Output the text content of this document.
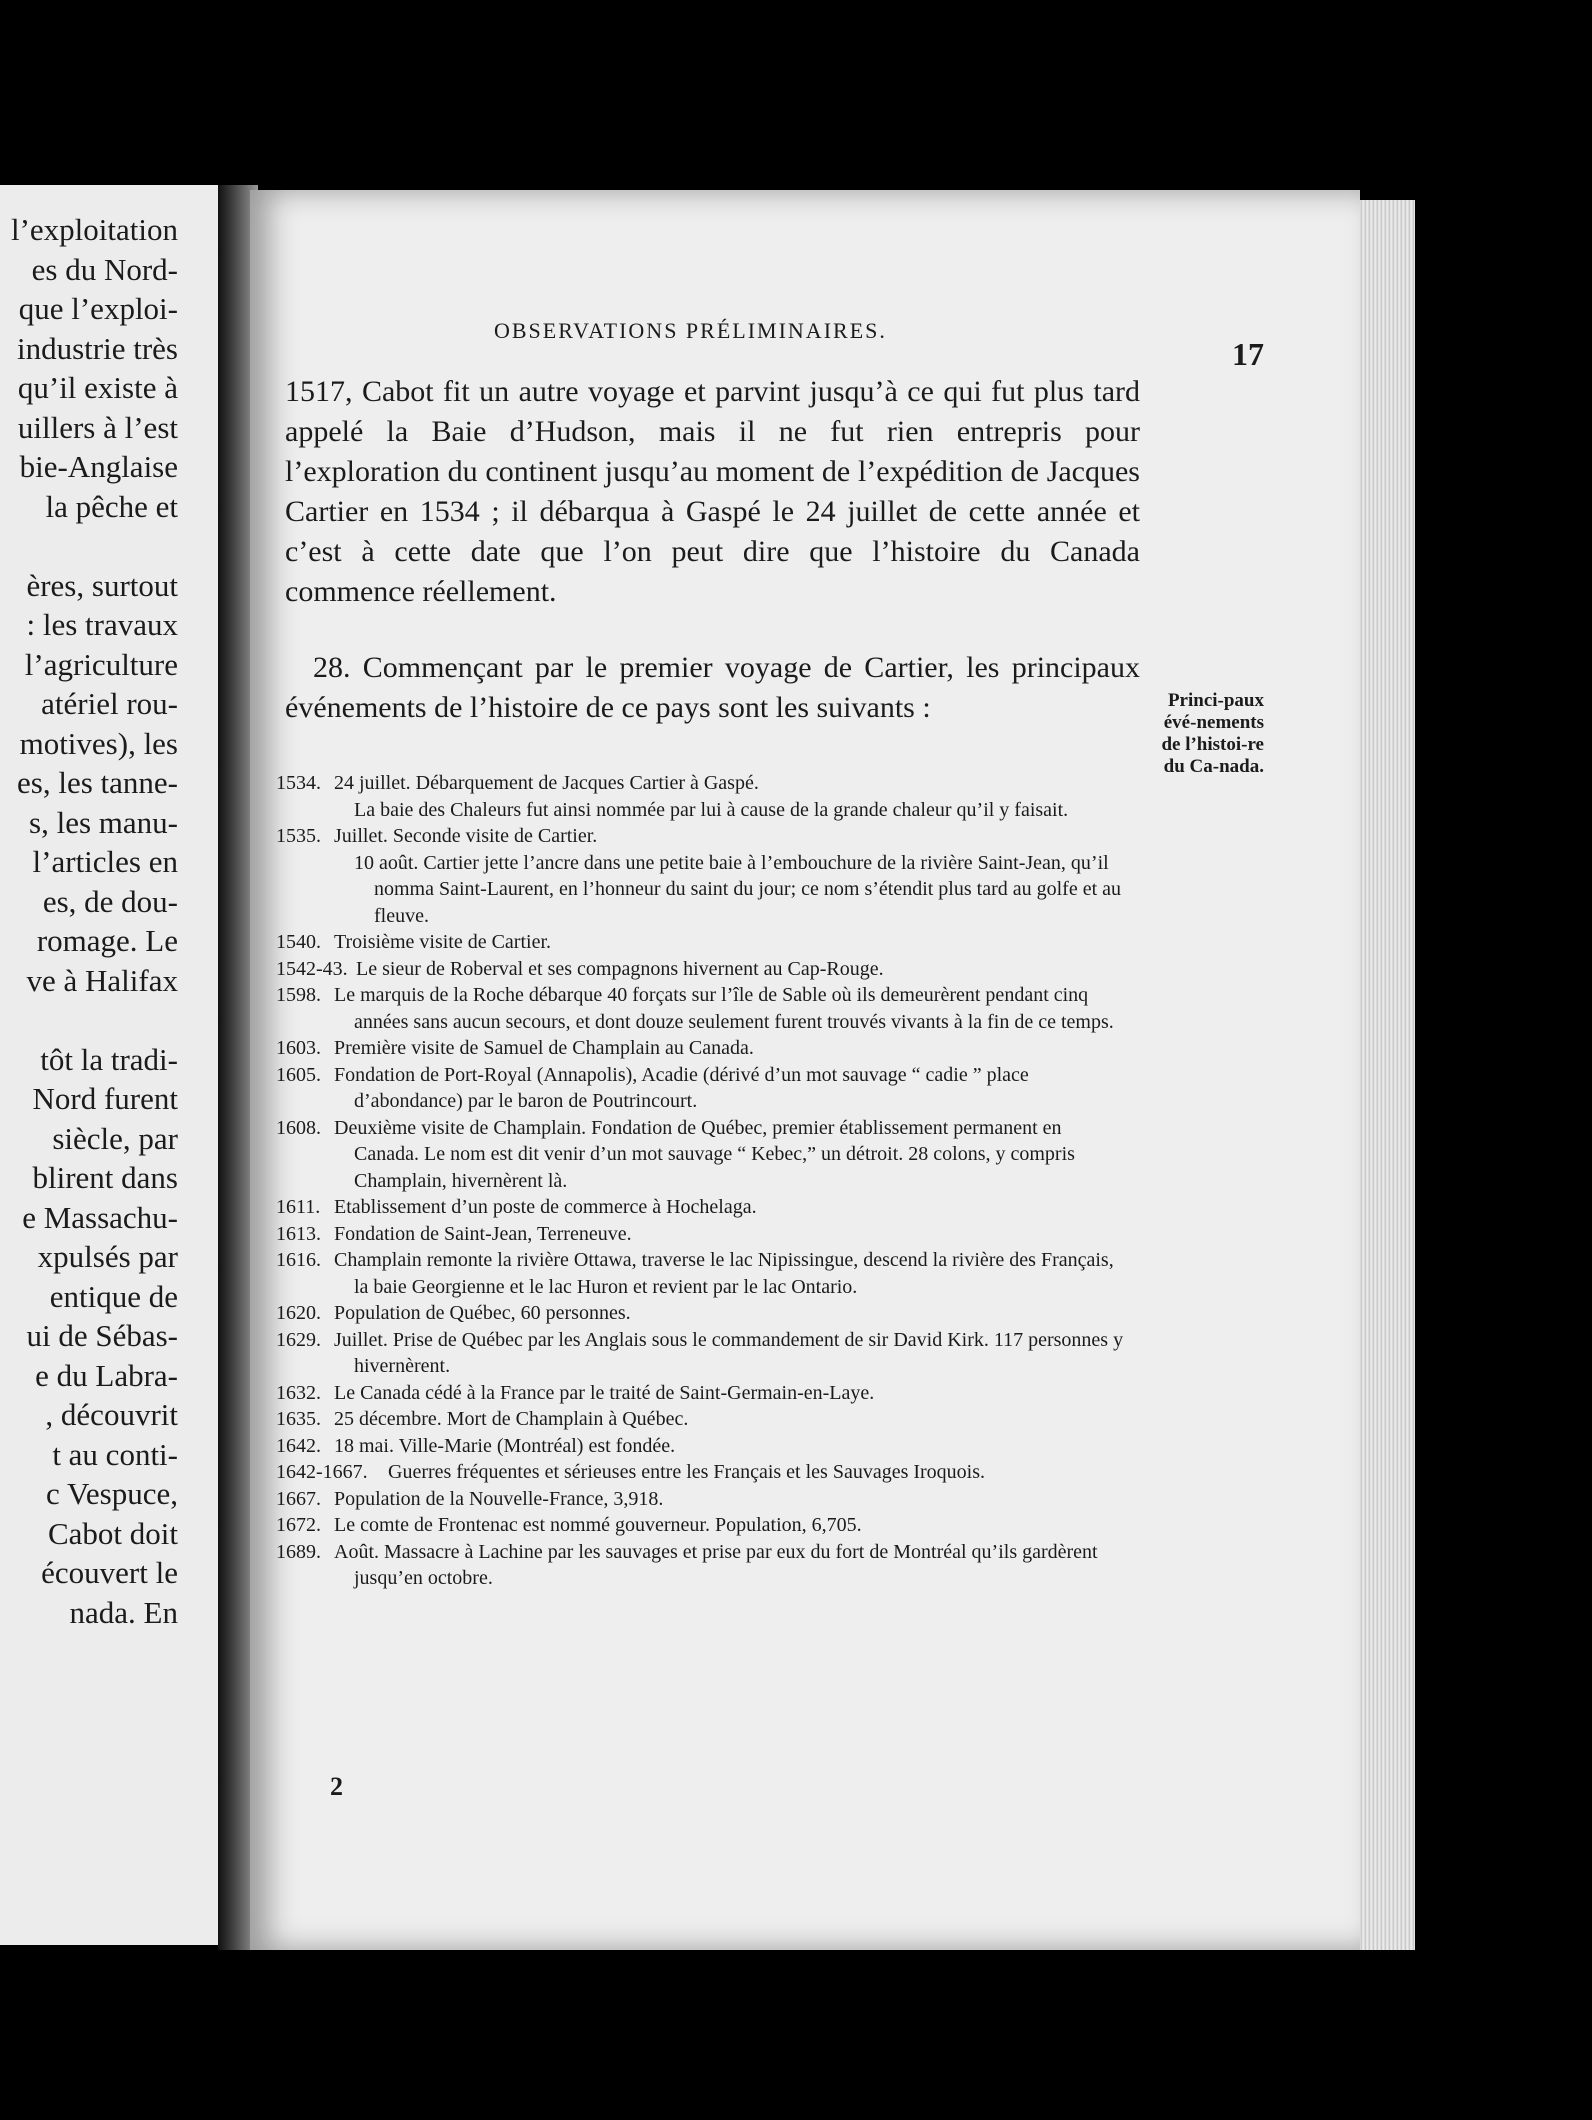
l’exploitation
es du Nord-
que l’exploi-
industrie très
qu’il existe à
uillers à l’est
bie-Anglaise
la pêche et
ères, surtout
: les travaux
l’agriculture
atériel rou-
motives), les
es, les tanne-
s, les manu-
l’articles en
es, de dou-
romage. Le
ve à Halifax
tôt la tradi-
Nord furent
siècle, par
blirent dans
e Massachu-
xpulsés par
entique de
ui de Sébas-
e du Labra-
, découvrit
t au conti-
c Vespuce,
Cabot doit
écouvert le
nada. En
OBSERVATIONS PRÉLIMINAIRES.
17
1517, Cabot fit un autre voyage et parvint jusqu’à ce qui fut plus tard appelé la Baie d’Hudson, mais il ne fut rien entrepris pour l’exploration du continent jusqu’au moment de l’expédition de Jacques Cartier en 1534 ; il débarqua à Gaspé le 24 juillet de cette année et c’est à cette date que l’on peut dire que l’histoire du Canada commence réellement.
28. Commençant par le premier voyage de Cartier, les principaux événements de l’histoire de ce pays sont les suivants :	Princi-paux évé-nements de l’histoi-re du Ca-nada.
1534. 24 juillet. Débarquement de Jacques Cartier à Gaspé.
La baie des Chaleurs fut ainsi nommée par lui à cause de la grande chaleur qu’il y faisait.
1535. Juillet. Seconde visite de Cartier.
10 août. Cartier jette l’ancre dans une petite baie à l’embouchure de la rivière Saint-Jean, qu’il nomma Saint-Laurent, en l’honneur du saint du jour; ce nom s’étendit plus tard au golfe et au fleuve.
1540. Troisième visite de Cartier.
1542-43. Le sieur de Roberval et ses compagnons hivernent au Cap-Rouge.
1598. Le marquis de la Roche débarque 40 forçats sur l’île de Sable où ils demeurèrent pendant cinq années sans aucun secours, et dont douze seulement furent trouvés vivants à la fin de ce temps.
1603. Première visite de Samuel de Champlain au Canada.
1605. Fondation de Port-Royal (Annapolis), Acadie (dérivé d’un mot sauvage “ cadie ” place d’abondance) par le baron de Poutrincourt.
1608. Deuxième visite de Champlain. Fondation de Québec, premier établissement permanent en Canada. Le nom est dit venir d’un mot sauvage “ Kebec,” un détroit. 28 colons, y compris Champlain, hivernèrent là.
1611. Etablissement d’un poste de commerce à Hochelaga.
1613. Fondation de Saint-Jean, Terreneuve.
1616. Champlain remonte la rivière Ottawa, traverse le lac Nipissingue, descend la rivière des Français, la baie Georgienne et le lac Huron et revient par le lac Ontario.
1620. Population de Québec, 60 personnes.
1629. Juillet. Prise de Québec par les Anglais sous le commandement de sir David Kirk. 117 personnes y hivernèrent.
1632. Le Canada cédé à la France par le traité de Saint-Germain-en-Laye.
1635. 25 décembre. Mort de Champlain à Québec.
1642. 18 mai. Ville-Marie (Montréal) est fondée.
1642-1667.	Guerres fréquentes et sérieuses entre les Français et les Sauvages Iroquois.
1667. Population de la Nouvelle-France, 3,918.
1672. Le comte de Frontenac est nommé gouverneur. Population, 6,705.
1689. Août. Massacre à Lachine par les sauvages et prise par eux du fort de Montréal qu’ils gardèrent jusqu’en octobre.
2
